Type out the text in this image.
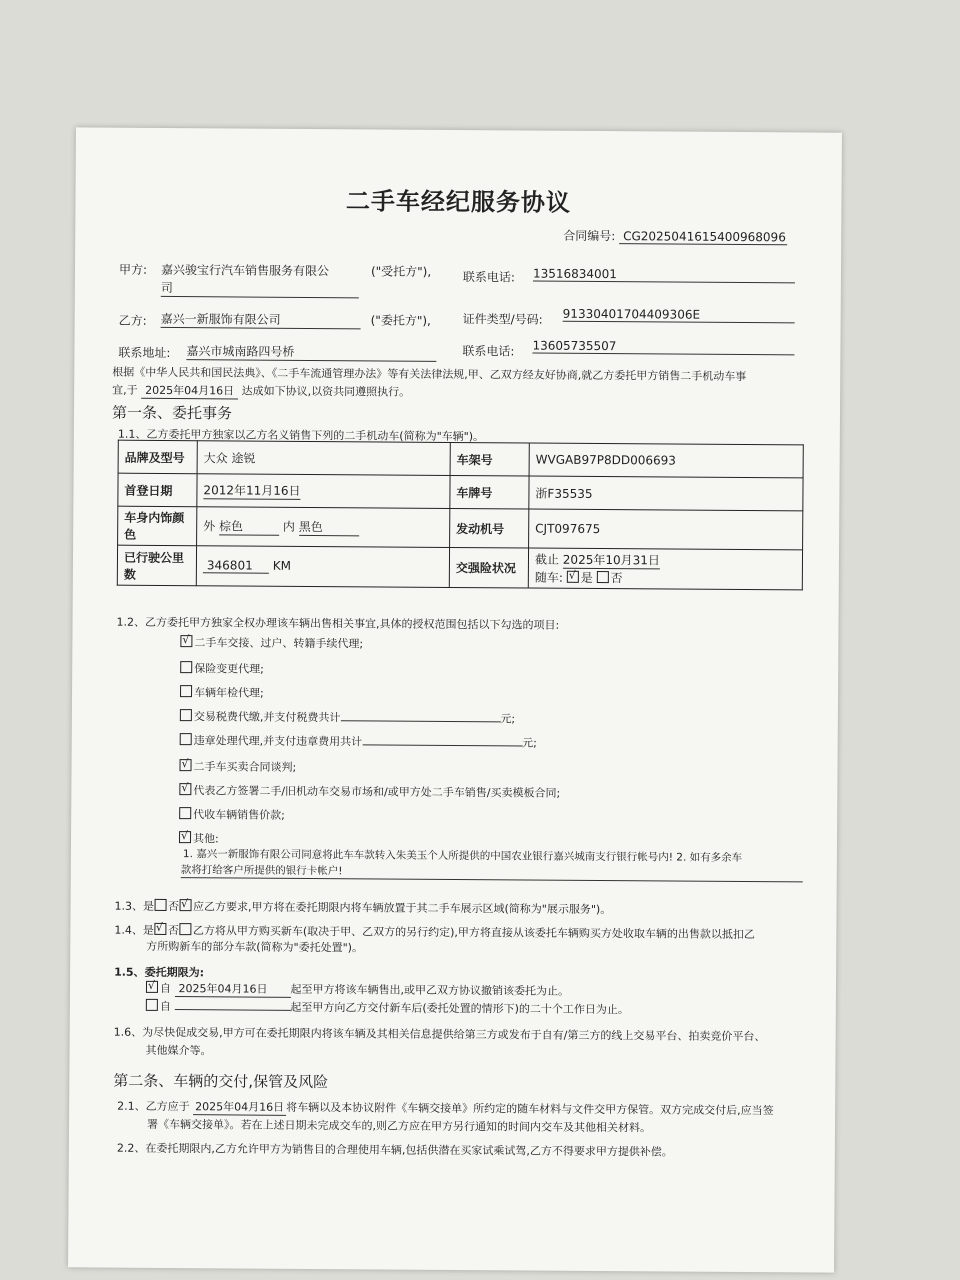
二手车经纪服务协议
合同编号: CG20250416154009680​96
甲方: 嘉兴骏宝行汽车销售服务有限公
司
("受托方"),	联系电话: 13516834001
乙方: 嘉兴一新服饰有限公司	("委托方"),	证件类型/号码: 91330401704409306E
联系地址: 嘉兴市城南路四号桥	联系电话: 13605735507
根据《中华人民共和国民法典》、《二手车流通管理办法》等有关法律法规,甲、乙双方经友好协商,就乙方委托甲方销售二手机动车事
宜,于 2025年04月16日 达成如下协议,以资共同遵照执行。
第一条、委托事务
1.1、乙方委托甲方独家以乙方名义销售下列的二手机动车(简称为"车辆")。
品牌及型号	大众 途锐	车架号	WVGAB97P8DD006693
首登日期	2012年11月16日	车牌号	浙F35535
车身内饰颜
色	外 棕色 内 黑色	发动机号	CJT097675
已行驶公里
数	346801 KM	交强险状况	截止 2025年10月31日
随车: √ 是 否
1.2、乙方委托甲方独家全权办理该车辆出售相关事宜,具体的授权范围包括以下勾选的项目:
√二手车交接、过户、转籍手续代理;
保险变更代理;
车辆年检代理;
交易税费代缴,并支付税费共计	元;
违章处理代理,并支付违章费用共计	元;
√二手车买卖合同谈判;
√代表乙方签署二手/旧机动车交易市场和/或甲方处二手车销售/买卖模板合同;
代收车辆销售价款;
√其他:
1. 嘉兴一新服饰有限公司同意将此车车款转入朱美玉个人所提供的中国农业银行嘉兴城南支行银行帐号内! 2. 如有多余车
款将打给客户所提供的银行卡帐户!
1.3、是 否 √ 应乙方要求,甲方将在委托期限内将车辆放置于其二手车展示区域(简称为"展示服务")。
1.4、是 √ 否 乙方将从甲方购买新车(取决于甲、乙双方的另行约定),甲方将直接从该委托车辆购买方处收取车辆的出售款以抵扣乙
方所购新车的部分车款(简称为"委托处置")。
1.5、委托期限为:
√自 2025年04月16日 起至甲方将该车辆售出,或甲乙双方协议撤销该委托为止。
自	起至甲方向乙方交付新车后(委托处置的情形下)的二十个工作日为止。
1.6、为尽快促成交易,甲方可在委托期限内将该车辆及其相关信息提供给第三方或发布于自有/第三方的线上交易平台、拍卖竞价平台、
其他媒介等。
第二条、车辆的交付,保管及风险
2.1、乙方应于 2025年04月16日 将车辆以及本协议附件《车辆交接单》所约定的随车材料与文件交甲方保管。双方完成交付后,应当签
署《车辆交接单》。若在上述日期未完成交车的,则乙方应在甲方另行通知的时间内交车及其他相关材料。
2.2、在委托期限内,乙方允许甲方为销售目的合理使用车辆,包括供潜在买家试乘试驾,乙方不得要求甲方提供补偿。
